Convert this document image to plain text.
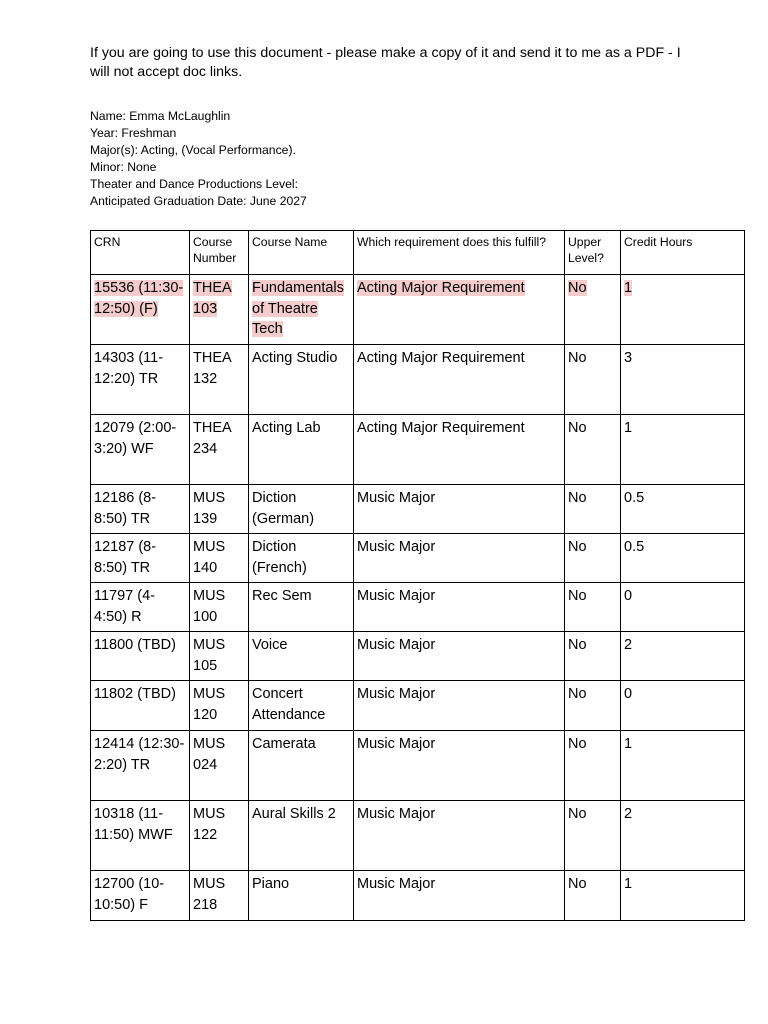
If you are going to use this document - please make a copy of it and send it to me as a PDF - I will not accept doc links.

Name: Emma McLaughlin
Year: Freshman
Major(s): Acting, (Vocal Performance).
Minor: None
Theater and Dance Productions Level:
Anticipated Graduation Date: June 2027
CRN	Course Number	Course Name	Which requirement does this fulfill?	Upper Level?	Credit Hours
15536 (11:30-12:50) (F)	THEA 103	Fundamentals of Theatre Tech	Acting Major Requirement	No	1
14303 (11-12:20) TR	THEA 132	Acting Studio	Acting Major Requirement	No	3
12079 (2:00-3:20) WF	THEA 234	Acting Lab	Acting Major Requirement	No	1
12186 (8-8:50) TR	MUS 139	Diction (German)	Music Major	No	0.5
12187 (8-8:50) TR	MUS 140	Diction (French)	Music Major	No	0.5
11797 (4-4:50) R	MUS 100	Rec Sem	Music Major	No	0
11800 (TBD)	MUS 105	Voice	Music Major	No	2
11802 (TBD)	MUS 120	Concert Attendance	Music Major	No	0
12414 (12:30-2:20) TR	MUS 024	Camerata	Music Major	No	1
10318 (11-11:50) MWF	MUS 122	Aural Skills 2	Music Major	No	2
12700 (10-10:50) F	MUS 218	Piano	Music Major	No	1
